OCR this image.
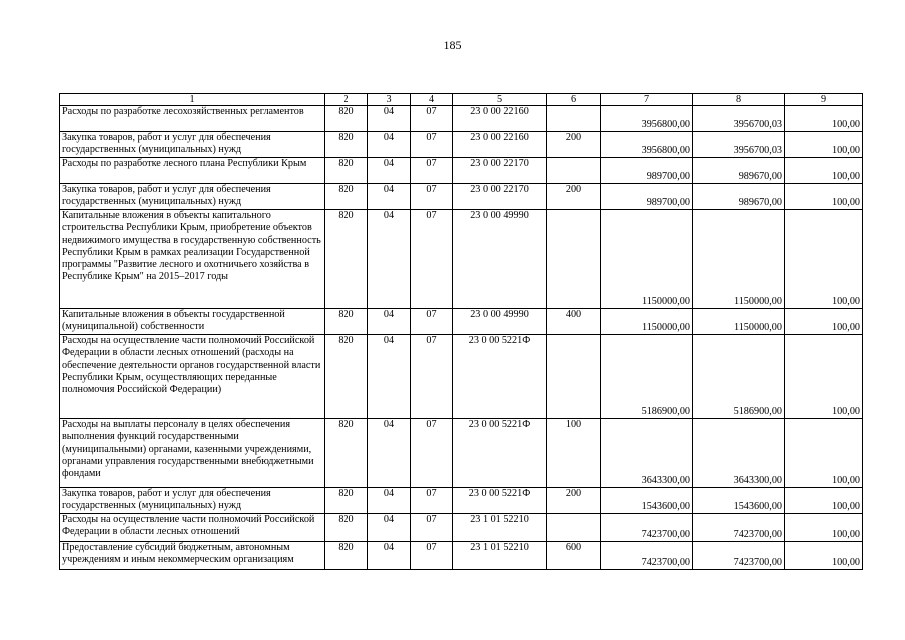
185
1	2	3	4	5	6	7	8	9
Расходы по разработке лесохозяйственных регламентов	820	04	07	23 0 00 22160		3956800,00	3956700,03	100,00
Закупка товаров, работ и услуг для обеспечения государственных (муниципальных) нужд	820	04	07	23 0 00 22160	200	3956800,00	3956700,03	100,00
Расходы по разработке лесного плана Республики Крым	820	04	07	23 0 00 22170		989700,00	989670,00	100,00
Закупка товаров, работ и услуг для обеспечения государственных (муниципальных) нужд	820	04	07	23 0 00 22170	200	989700,00	989670,00	100,00
Капитальные вложения в объекты капитального строительства Республики Крым, приобретение объектов недвижимого имущества в государственную собственность Республики Крым в рамках реализации Государственной программы "Развитие лесного и охотничьего хозяйства в Республике Крым" на 2015–2017 годы	820	04	07	23 0 00 49990		1150000,00	1150000,00	100,00
Капитальные вложения в объекты государственной (муниципальной) собственности	820	04	07	23 0 00 49990	400	1150000,00	1150000,00	100,00
Расходы на осуществление части полномочий Российской Федерации в области лесных отношений (расходы на обеспечение деятельности органов государственной власти Республики Крым, осуществляющих переданные полномочия Российской Федерации)	820	04	07	23 0 00 5221Ф		5186900,00	5186900,00	100,00
Расходы на выплаты персоналу в целях обеспечения выполнения функций государственными (муниципальными) органами, казенными учреждениями, органами управления государственными внебюджетными фондами	820	04	07	23 0 00 5221Ф	100	3643300,00	3643300,00	100,00
Закупка товаров, работ и услуг для обеспечения государственных (муниципальных) нужд	820	04	07	23 0 00 5221Ф	200	1543600,00	1543600,00	100,00
Расходы на осуществление части полномочий Российской Федерации в области лесных отношений	820	04	07	23 1 01 52210		7423700,00	7423700,00	100,00
Предоставление субсидий бюджетным, автономным учреждениям и иным некоммерческим организациям	820	04	07	23 1 01 52210	600	7423700,00	7423700,00	100,00
